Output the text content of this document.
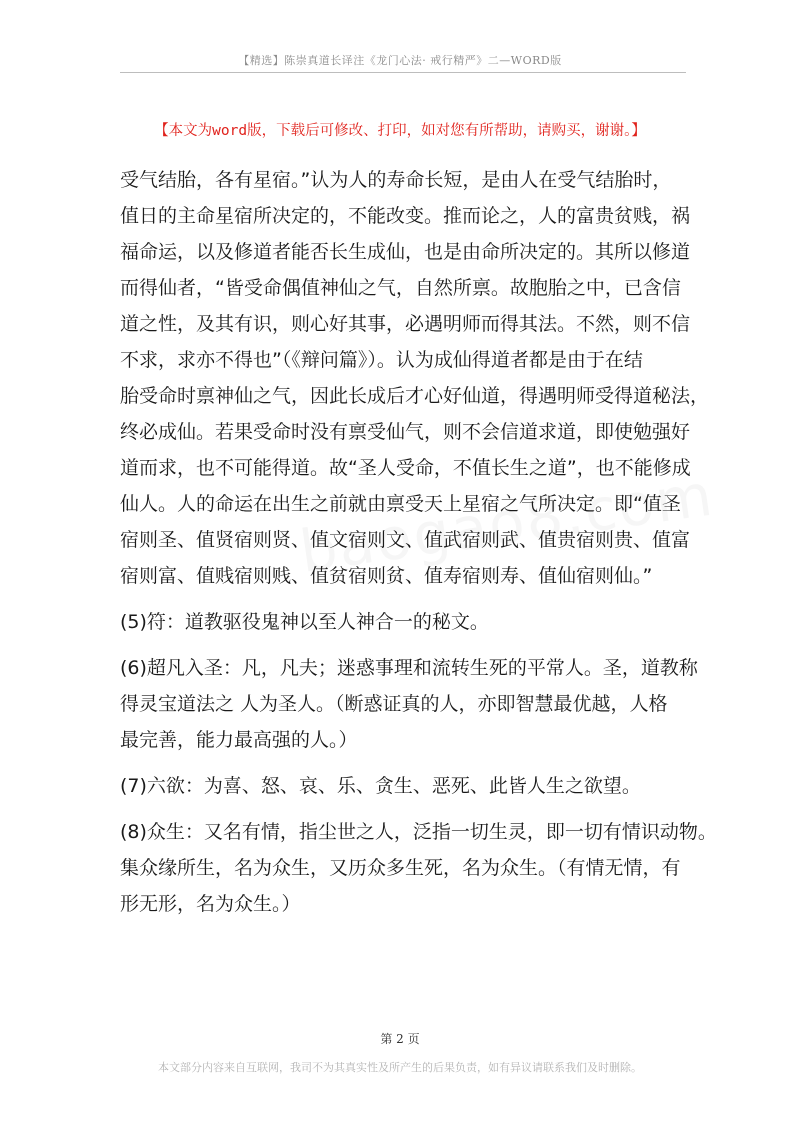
【精选】陈崇真道长译注《龙门心法· 戒行精严》二—WORD版
【本文为word版，下载后可修改、打印，如对您有所帮助，请购买，谢谢。】
受气结胎，各有星宿。”认为人的寿命长短，是由人在受气结胎时，
值日的主命星宿所决定的，不能改变。推而论之，人的富贵贫贱，祸
福命运，以及修道者能否长生成仙，也是由命所决定的。其所以修道
而得仙者，“皆受命偶值神仙之气，自然所禀。故胞胎之中，已含信
道之性，及其有识，则心好其事，必遇明师而得其法。不然，则不信
不求，求亦不得也”（《辩问篇》）。认为成仙得道者都是由于在结
胎受命时禀神仙之气，因此长成后才心好仙道，得遇明师受得道秘法，
终必成仙。若果受命时没有禀受仙气，则不会信道求道，即使勉强好
道而求，也不可能得道。故“圣人受命，不值长生之道”，也不能修成
仙人。人的命运在出生之前就由禀受天上星宿之气所决定。即“值圣
宿则圣、值贤宿则贤、值文宿则文、值武宿则武、值贵宿则贵、值富
宿则富、值贱宿则贱、值贫宿则贫、值寿宿则寿、值仙宿则仙。”
(5)符：道教驱役鬼神以至人神合一的秘文。
(6)超凡入圣：凡，凡夫；迷惑事理和流转生死的平常人。圣，道教称
得灵宝道法之 人为圣人。（断惑证真的人，亦即智慧最优越，人格
最完善，能力最高强的人。）
(7)六欲：为喜、怒、哀、乐、贪生、恶死、此皆人生之欲望。
(8)众生：又名有情，指尘世之人，泛指一切生灵，即一切有情识动物。
集众缘所生，名为众生，又历众多生死，名为众生。（有情无情，有
形无形，名为众生。）
第 2 页
本文部分内容来自互联网，我司不为其真实性及所产生的后果负责，如有异议请联系我们及时删除。
